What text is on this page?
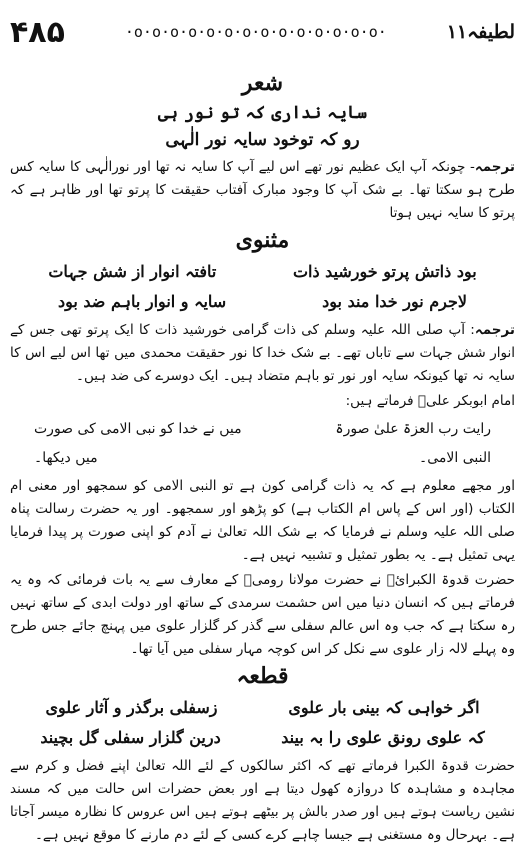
۴۸۵	·o·o·o·o·o·o·o·o·o·o·o·o·o·o·	لطیفہ۱۱
شعر

سایہ نداری کہ تو نور ہی

رو کہ توخود سایہ نور الٰہی

ترجمہ- چونکہ آپ ایک عظیم نور تھے اس لیے آپ کا سایہ نہ تھا اور نورالٰہی کا سایہ کس طرح ہو سکتا تھا۔ بے شک آپ کا وجود مبارک آفتاب حقیقت کا پرتو تھا اور ظاہر ہے کہ پرتو کا سایہ نہیں ہوتا

مثنوی
بود ذاتش پرتو خورشید ذات
تافتہ انوار از شش جہات
لاجرم نور خدا مند بود
سایہ و انوار باہم ضد بود

ترجمہ: آپ صلی اللہ علیہ وسلم کی ذات گرامی خورشید ذات کا ایک پرتو تھی جس کے انوار شش جہات سے تاباں تھے۔ بے شک خدا کا نور حقیقت محمدی میں تھا اس لیے اس کا سایہ نہ تھا کیونکہ سایہ اور نور تو باہم متضاد ہیں۔ ایک دوسرے کی ضد ہیں۔

امام ابوبکر علیؒ فرماتے ہیں:

رایت رب العزۃ علیٰ صورۃ
میں نے خدا کو نبی الامی کی صورت
النبی الامی۔
میں دیکھا۔

اور مجھے معلوم ہے کہ یہ ذات گرامی کون ہے تو النبی الامی کو سمجھو اور معنی ام الکتاب (اور اس کے پاس ام الکتاب ہے) کو پڑھو اور سمجھو۔ اور یہ حضرت رسالت پناہ صلی اللہ علیہ وسلم نے فرمایا کہ بے شک اللہ تعالیٰ نے آدم کو اپنی صورت پر پیدا فرمایا یہی تمثیل ہے۔ یہ بطور تمثیل و تشبیہ نہیں ہے۔

حضرت قدوۃ الکبرائؒ نے حضرت مولانا رومیؒ کے معارف سے یہ بات فرمائی کہ وہ یہ فرماتے ہیں کہ انسان دنیا میں اس حشمت سرمدی کے ساتھ اور دولت ابدی کے ساتھ نہیں رہ سکتا ہے کہ جب وہ اس عالم سفلی سے گذر کر گلزار علوی میں پہنچ جائے جس طرح وہ پہلے لالہ زار علوی سے نکل کر اس کوچہ مہار سفلی میں آیا تھا۔

قطعہ
اگر خواہی کہ بینی بار علوی
زسفلی برگذر و آثار علوی
کہ علوی رونق علوی را بہ بیند
درین گلزار سفلی گل بچیند

حضرت قدوۃ الکبرا فرماتے تھے کہ اکثر سالکوں کے لئے اللہ تعالیٰ اپنے فضل و کرم سے مجاہدہ و مشاہدہ کا دروازہ کھول دیتا ہے اور بعض حضرات اس حالت میں کہ مسند نشین ریاست ہوتے ہیں اور صدر بالش پر بیٹھے ہوتے ہیں اس عروس کا نظارہ میسر آجاتا ہے۔ بہرحال وہ مستغنی ہے جیسا چاہے کرے کسی کے لئے دم مارنے کا موقع نہیں ہے۔
